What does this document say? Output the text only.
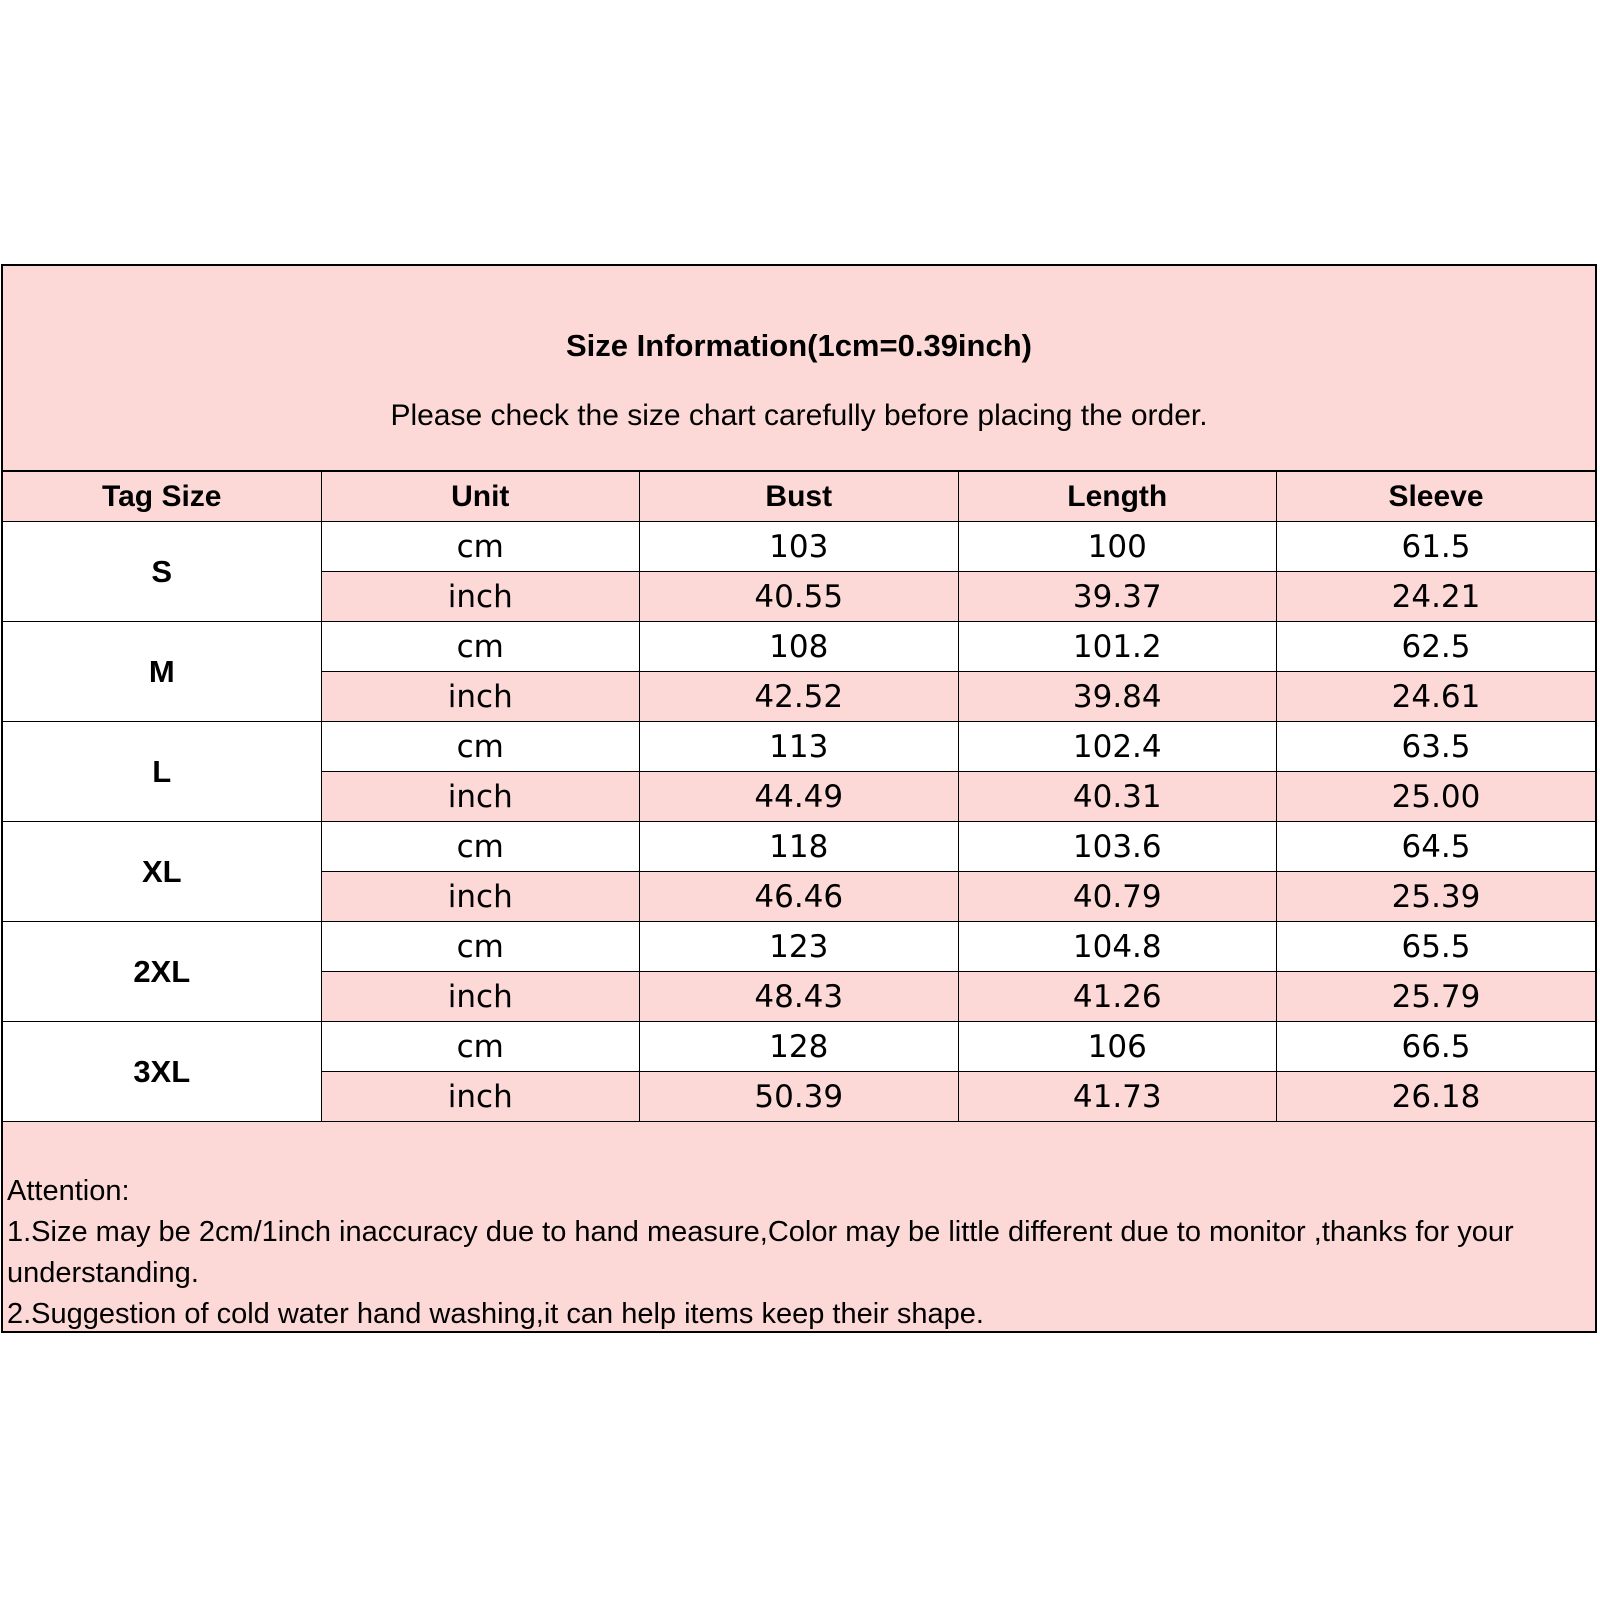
Size Information(1cm=0.39inch)
Please check the size chart carefully before placing the order.
Tag Size	Unit	Bust	Length	Sleeve
S	cm	103	100	61.5
	inch	40.55	39.37	24.21
M	cm	108	101.2	62.5
	inch	42.52	39.84	24.61
L	cm	113	102.4	63.5
	inch	44.49	40.31	25.00
XL	cm	118	103.6	64.5
	inch	46.46	40.79	25.39
2XL	cm	123	104.8	65.5
	inch	48.43	41.26	25.79
3XL	cm	128	106	66.5
	inch	50.39	41.73	26.18
Attention:
1.Size may be 2cm/1inch inaccuracy due to hand measure,Color may be little different due to monitor ,thanks for your understanding.
2.Suggestion of cold water hand washing,it can help items keep their shape.
